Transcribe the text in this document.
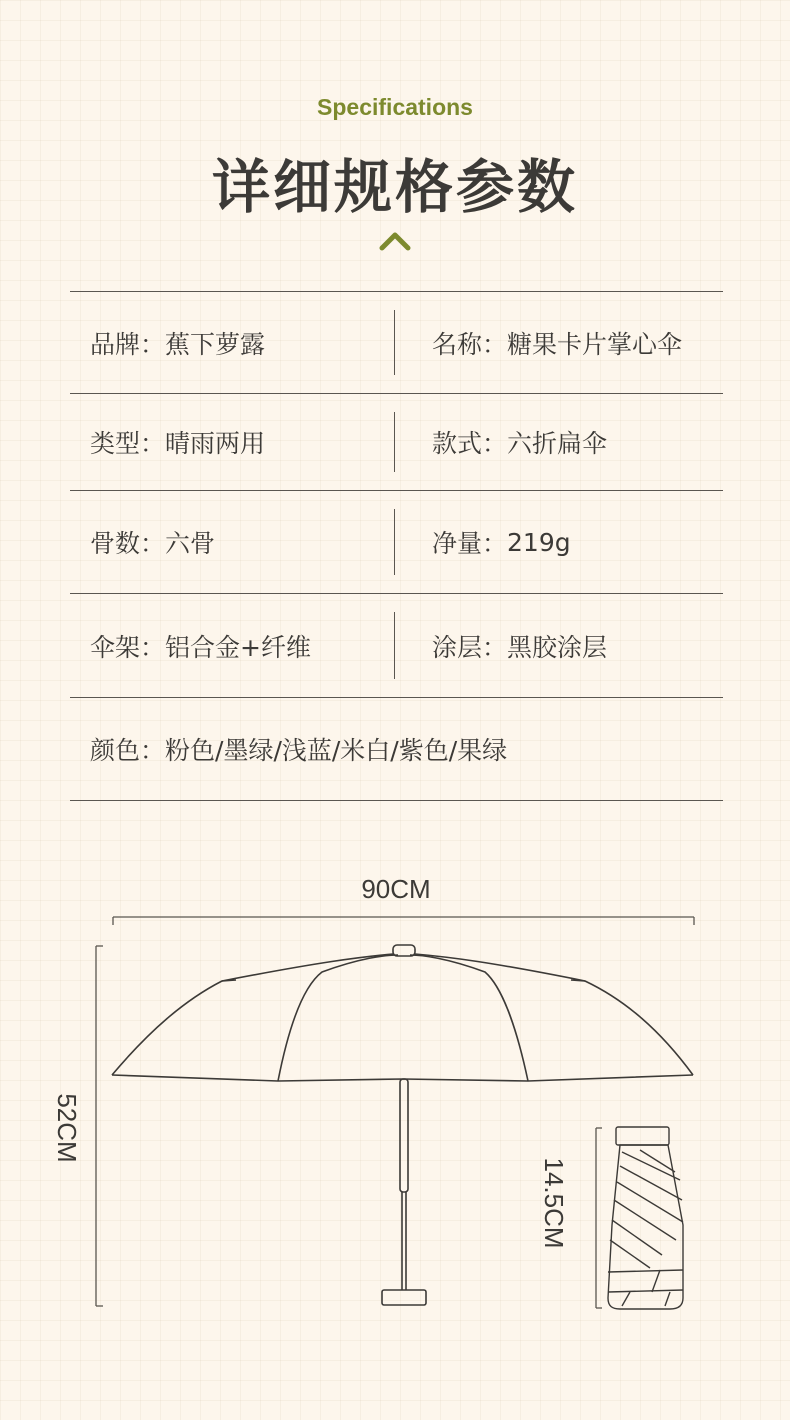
Specifications
详细规格参数
品牌 ：	蕉下萝露	名称 ：	糖果卡片掌心伞
类型 ：	晴雨两用	款式 ：	六折扁伞
骨数 ：	六骨	净量 ：	219g
伞架 ：	铝合金+纤维	涂层 ：	黑胶涂层
颜色 ：	粉色/墨绿/浅蓝/米白/紫色/果绿
90CM
52CM
14.5CM
